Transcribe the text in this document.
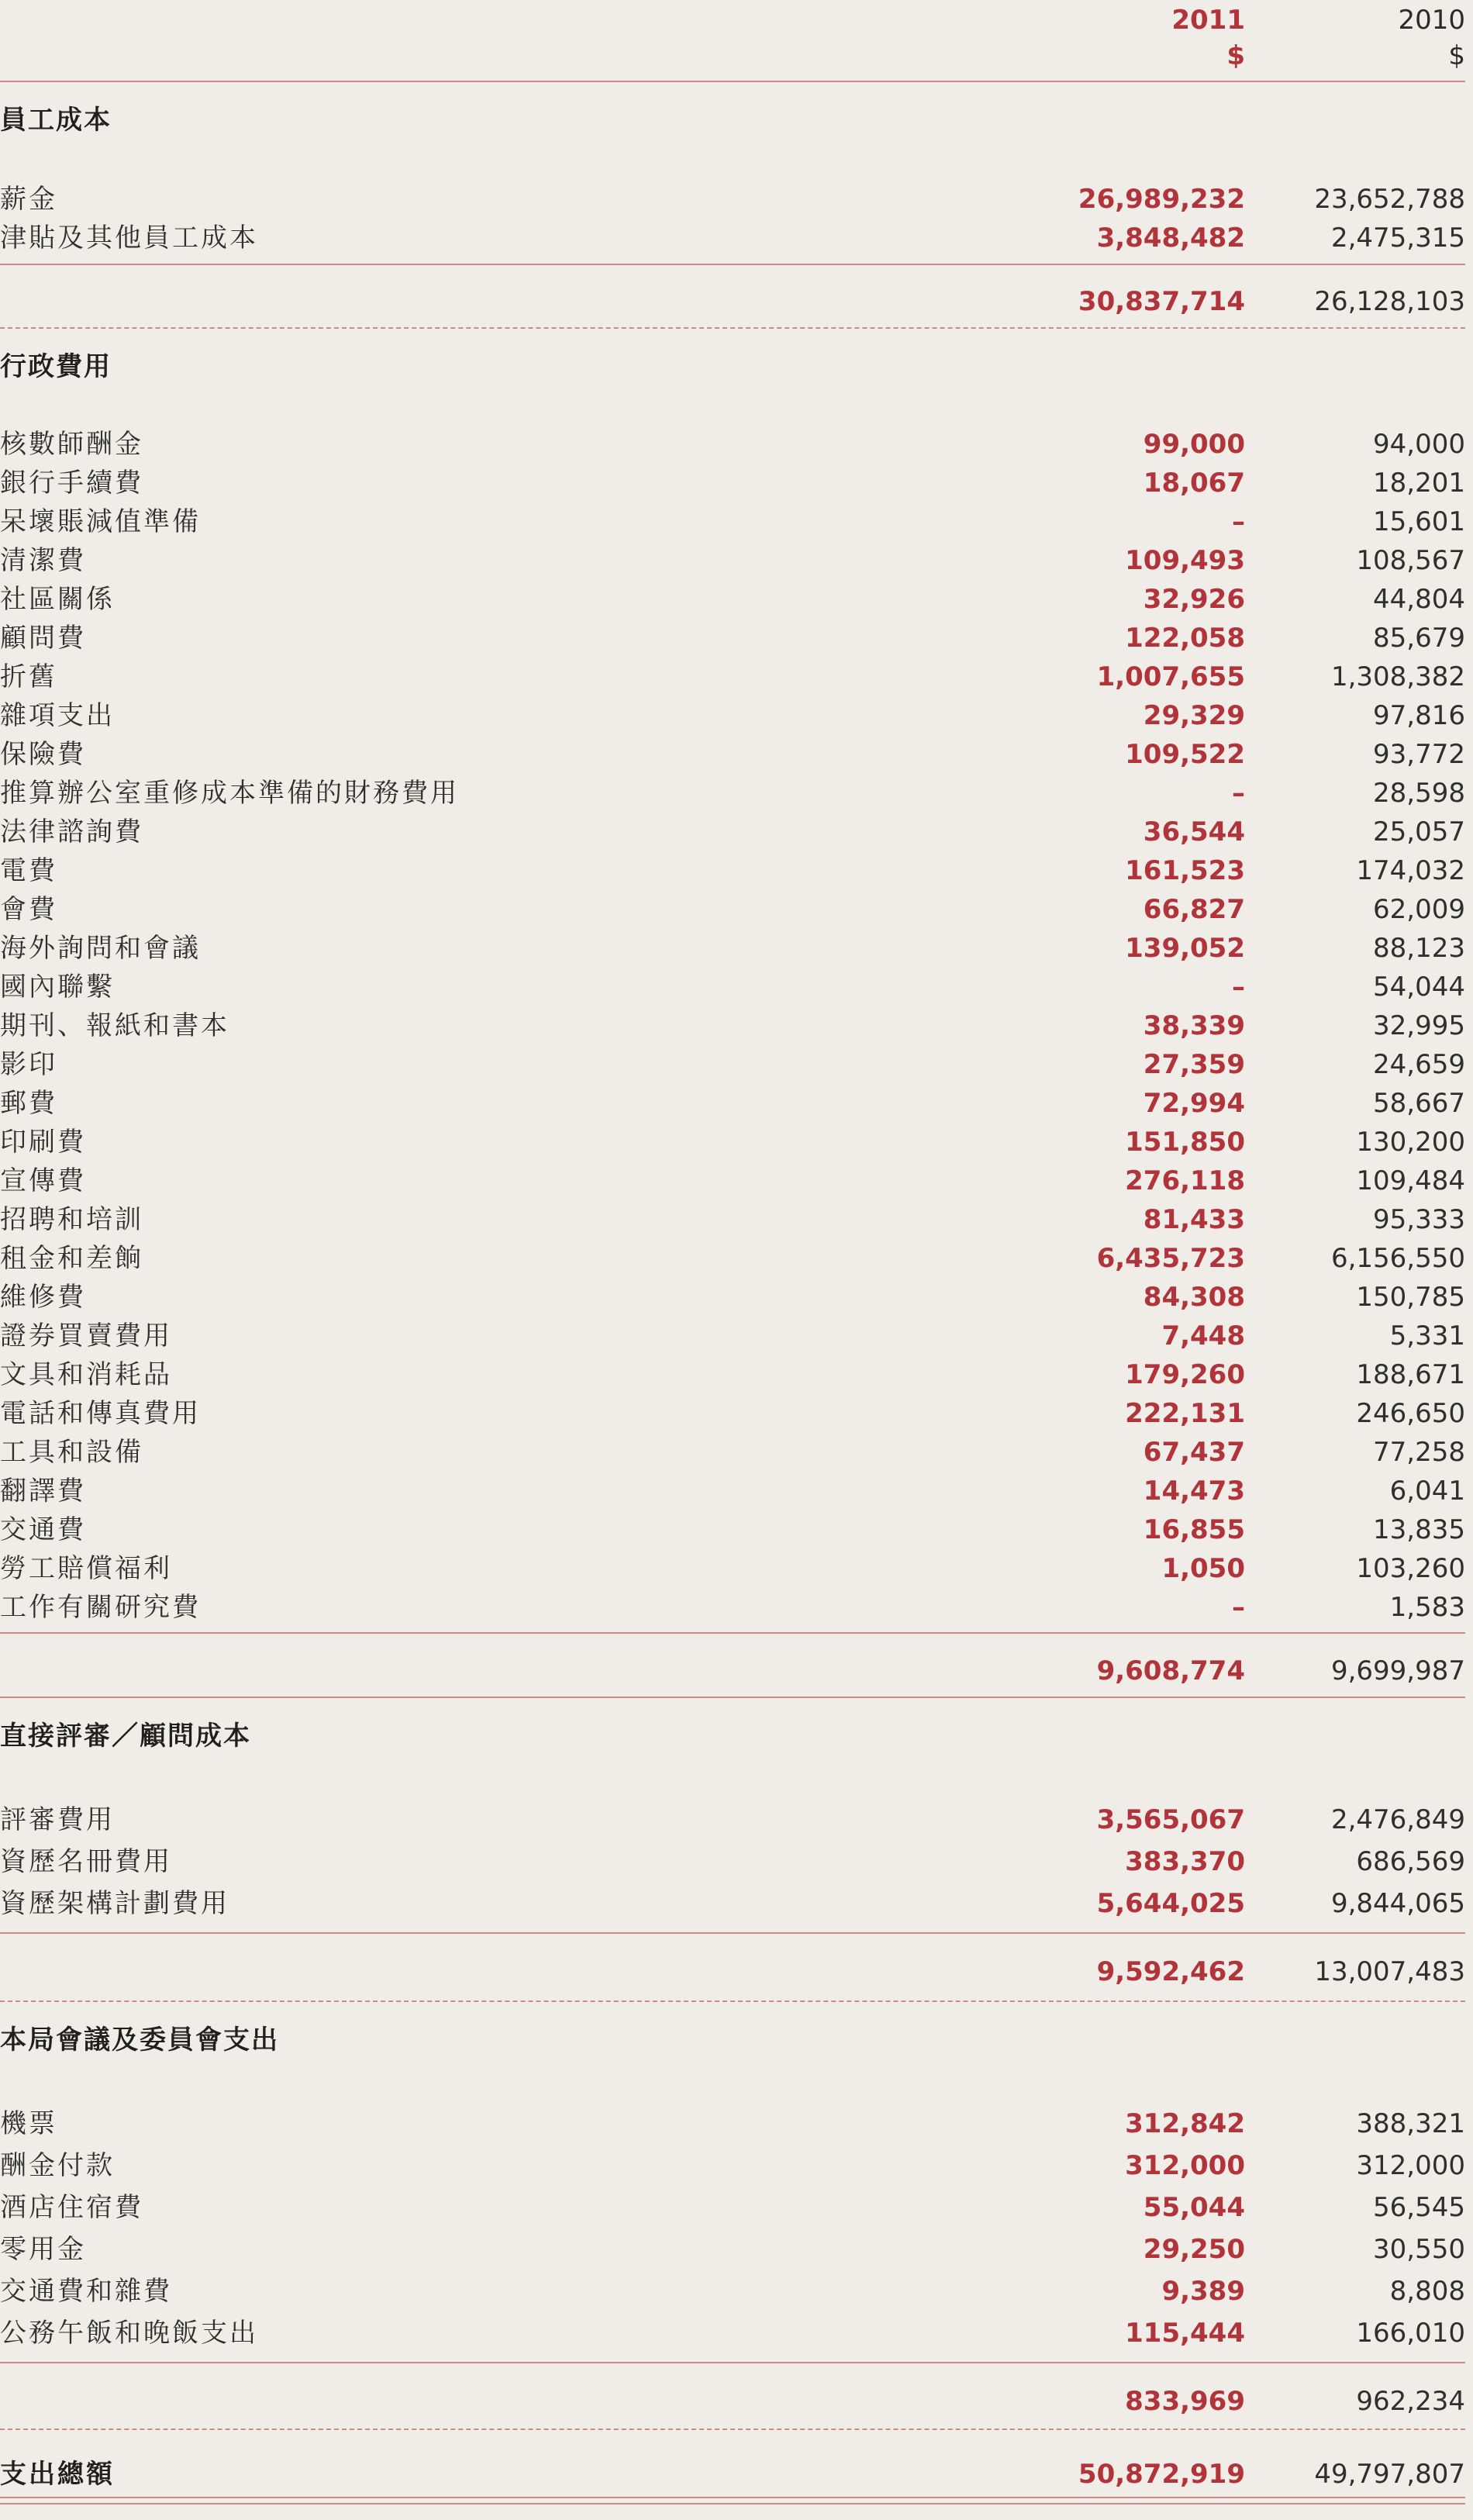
2011	2010
$	$
員工成本
薪金	26,989,232	23,652,788
津貼及其他員工成本	3,848,482	2,475,315
30,837,714	26,128,103
行政費用
核數師酬金	99,000	94,000
銀行手續費	18,067	18,201
呆壞賬減值準備	–	15,601
清潔費	109,493	108,567
社區關係	32,926	44,804
顧問費	122,058	85,679
折舊	1,007,655	1,308,382
雜項支出	29,329	97,816
保險費	109,522	93,772
推算辦公室重修成本準備的財務費用	–	28,598
法律諮詢費	36,544	25,057
電費	161,523	174,032
會費	66,827	62,009
海外詢問和會議	139,052	88,123
國內聯繫	–	54,044
期刊、報紙和書本	38,339	32,995
影印	27,359	24,659
郵費	72,994	58,667
印刷費	151,850	130,200
宣傳費	276,118	109,484
招聘和培訓	81,433	95,333
租金和差餉	6,435,723	6,156,550
維修費	84,308	150,785
證券買賣費用	7,448	5,331
文具和消耗品	179,260	188,671
電話和傳真費用	222,131	246,650
工具和設備	67,437	77,258
翻譯費	14,473	6,041
交通費	16,855	13,835
勞工賠償福利	1,050	103,260
工作有關研究費	–	1,583
9,608,774	9,699,987
直接評審／顧問成本
評審費用	3,565,067	2,476,849
資歷名冊費用	383,370	686,569
資歷架構計劃費用	5,644,025	9,844,065
9,592,462	13,007,483
本局會議及委員會支出
機票	312,842	388,321
酬金付款	312,000	312,000
酒店住宿費	55,044	56,545
零用金	29,250	30,550
交通費和雜費	9,389	8,808
公務午飯和晚飯支出	115,444	166,010
833,969	962,234
支出總額	50,872,919	49,797,807
